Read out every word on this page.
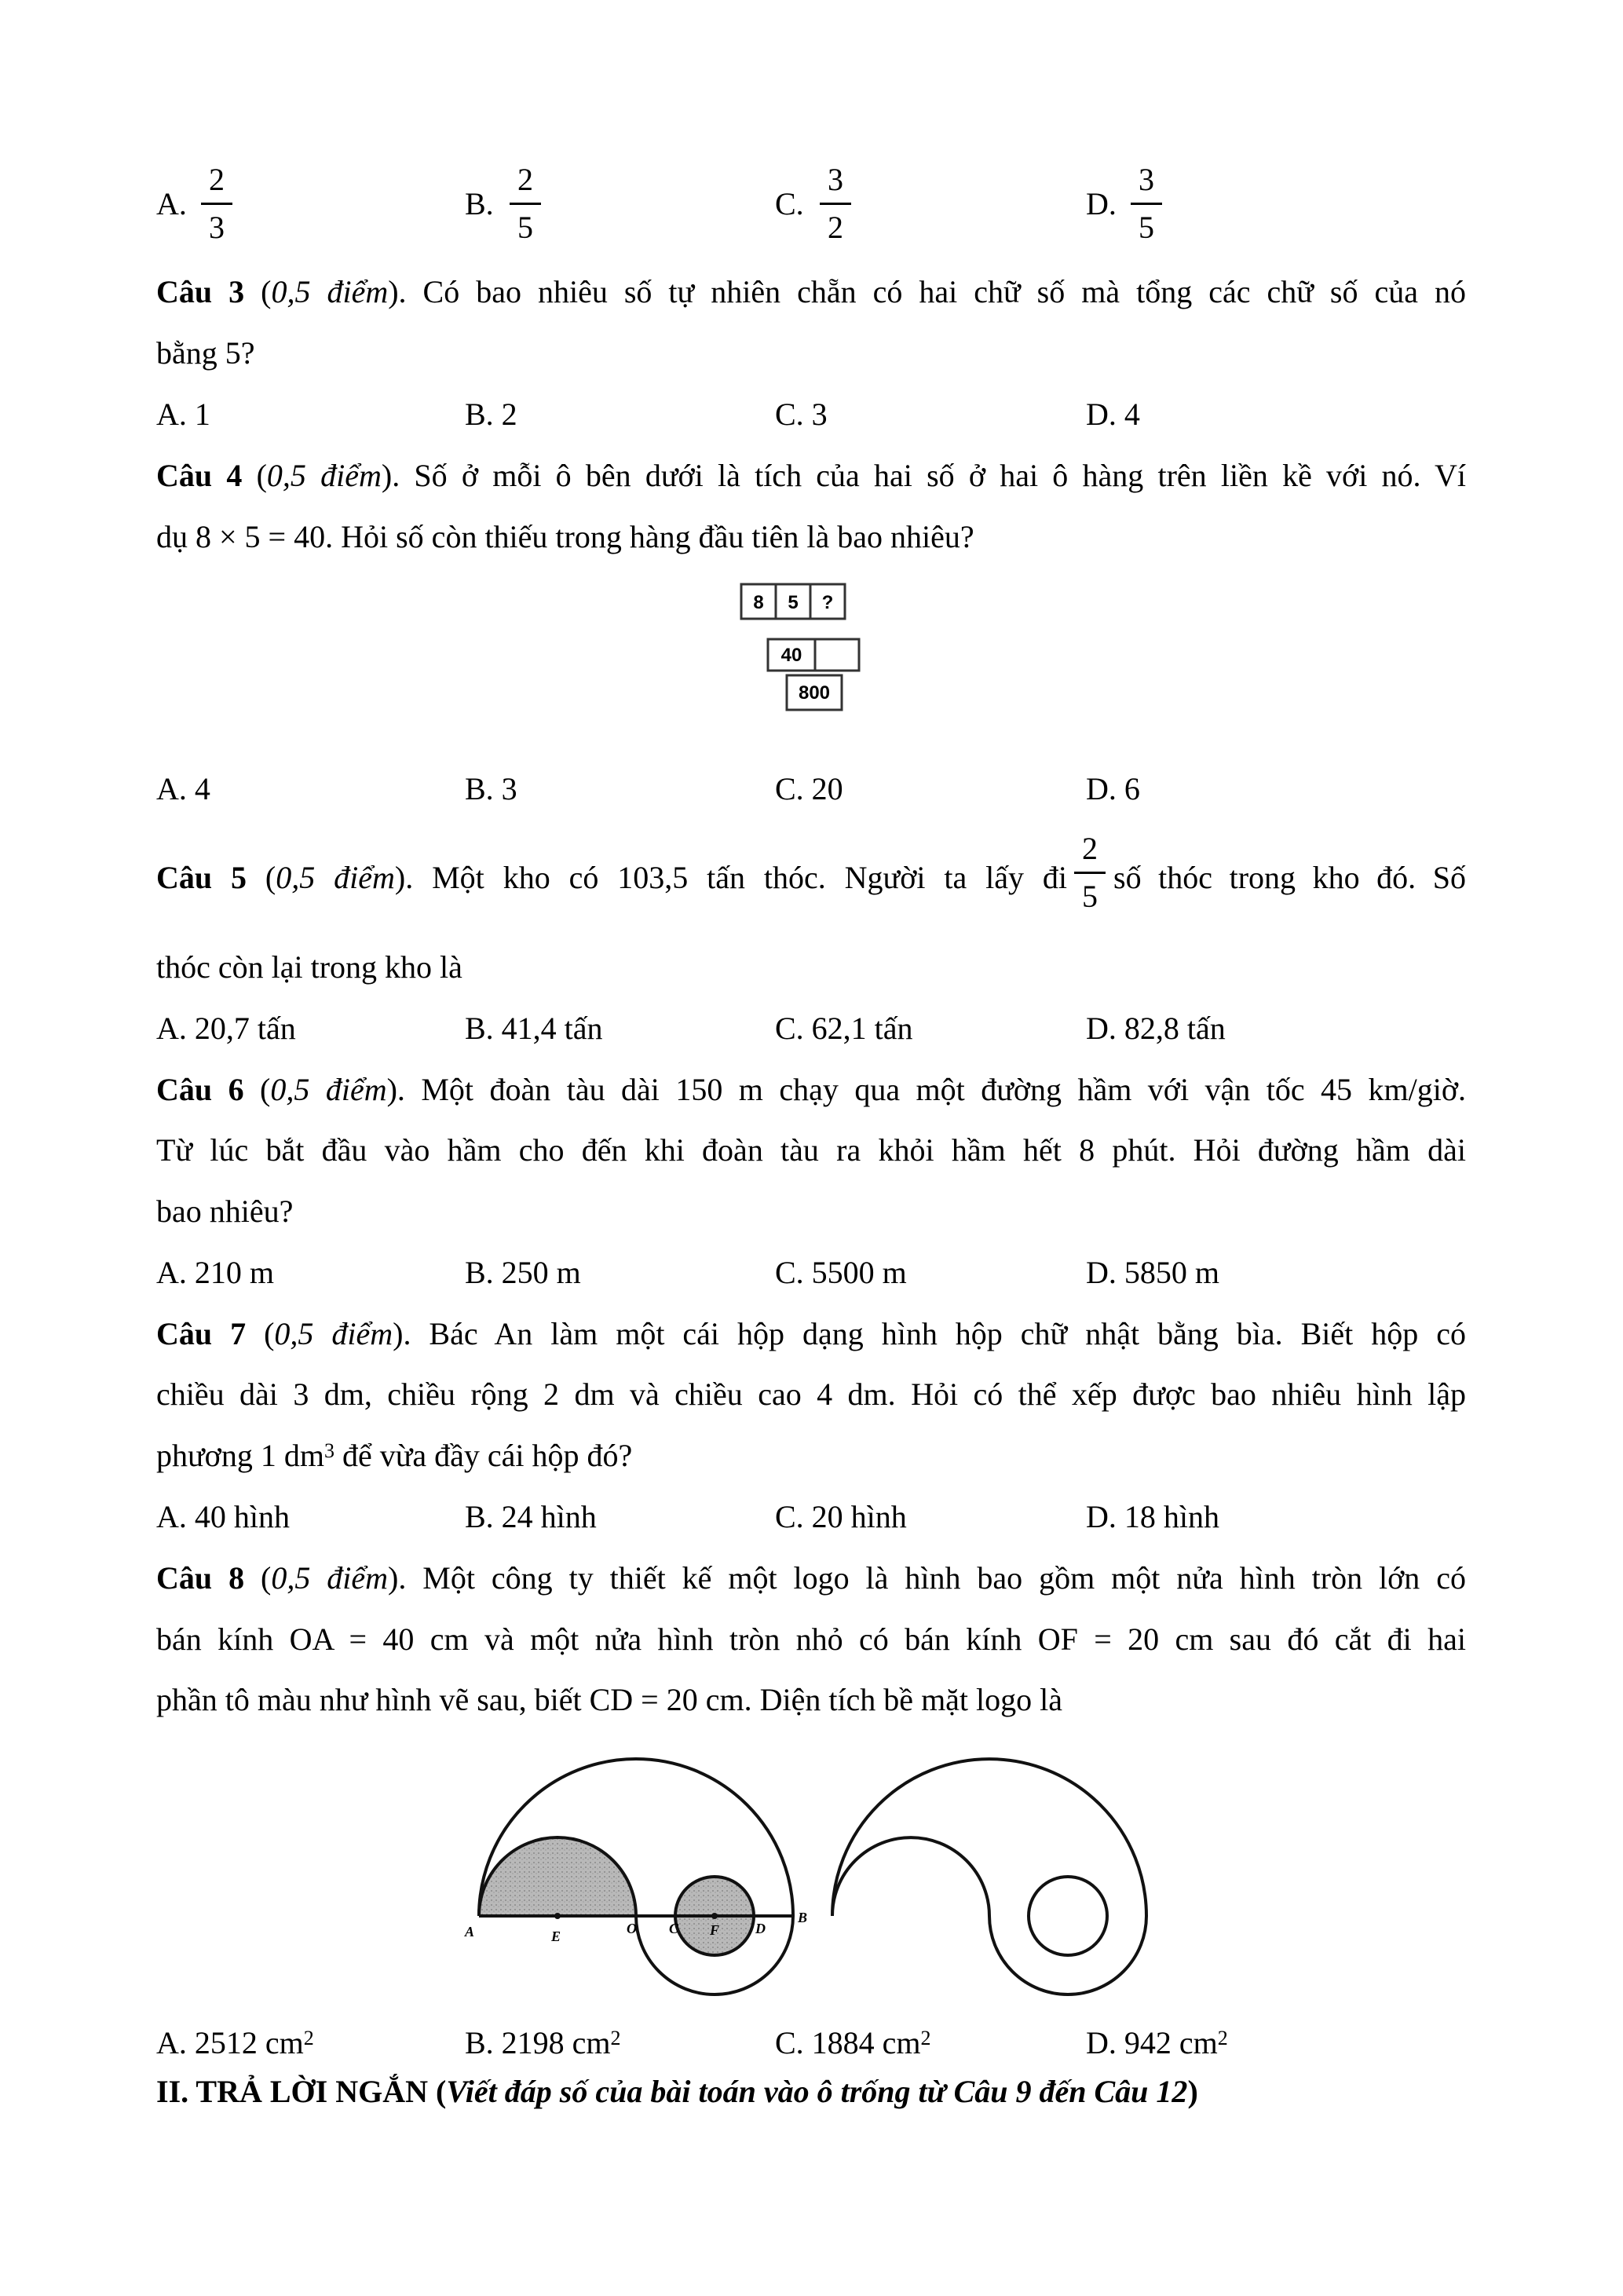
A.
2
3
B.
2
5
C.
3
2
D.
3
5
Câu 3 (0,5 điểm). Có bao nhiêu số tự nhiên chẵn có hai chữ số mà tổng các chữ số của nó
bằng 5?
A. 1	B. 2	C. 3	D. 4
Câu 4 (0,5 điểm). Số ở mỗi ô bên dưới là tích của hai số ở hai ô hàng trên liền kề với nó. Ví
dụ 8 × 5 = 40. Hỏi số còn thiếu trong hàng đầu tiên là bao nhiêu?
8 5 ?
40
800
A. 4	B. 3	C. 20	D. 6
Câu 5 (0,5 điểm). Một kho có 103,5 tấn thóc. Người ta lấy đi
2
5
số thóc trong kho đó. Số
thóc còn lại trong kho là
A. 20,7 tấn	B. 41,4 tấn	C. 62,1 tấn	D. 82,8 tấn
Câu 6 (0,5 điểm). Một đoàn tàu dài 150 m chạy qua một đường hầm với vận tốc 45 km/giờ.
Từ lúc bắt đầu vào hầm cho đến khi đoàn tàu ra khỏi hầm hết 8 phút. Hỏi đường hầm dài
bao nhiêu?
A. 210 m	B. 250 m	C. 5500 m	D. 5850 m
Câu 7 (0,5 điểm). Bác An làm một cái hộp dạng hình hộp chữ nhật bằng bìa. Biết hộp có
chiều dài 3 dm, chiều rộng 2 dm và chiều cao 4 dm. Hỏi có thể xếp được bao nhiêu hình lập
phương 1 $dm^3$ để vừa đầy cái hộp đó?
A. 40 hình	B. 24 hình	C. 20 hình	D. 18 hình
Câu 8 (0,5 điểm). Một công ty thiết kế một logo là hình bao gồm một nửa hình tròn lớn có
bán kính OA = 40 cm và một nửa hình tròn nhỏ có bán kính OF = 20 cm sau đó cắt đi hai
phần tô màu như hình vẽ sau, biết CD = 20 cm. Diện tích bề mặt logo là
A	E	O C F	D
B
A. 2512 $cm^2$	B. 2198 $cm^2$	C. 1884 $cm^2$	D. 942 $cm^2$
II. TRẢ LỜI NGẮN (Viết đáp số của bài toán vào ô trống từ Câu 9 đến Câu 12)
